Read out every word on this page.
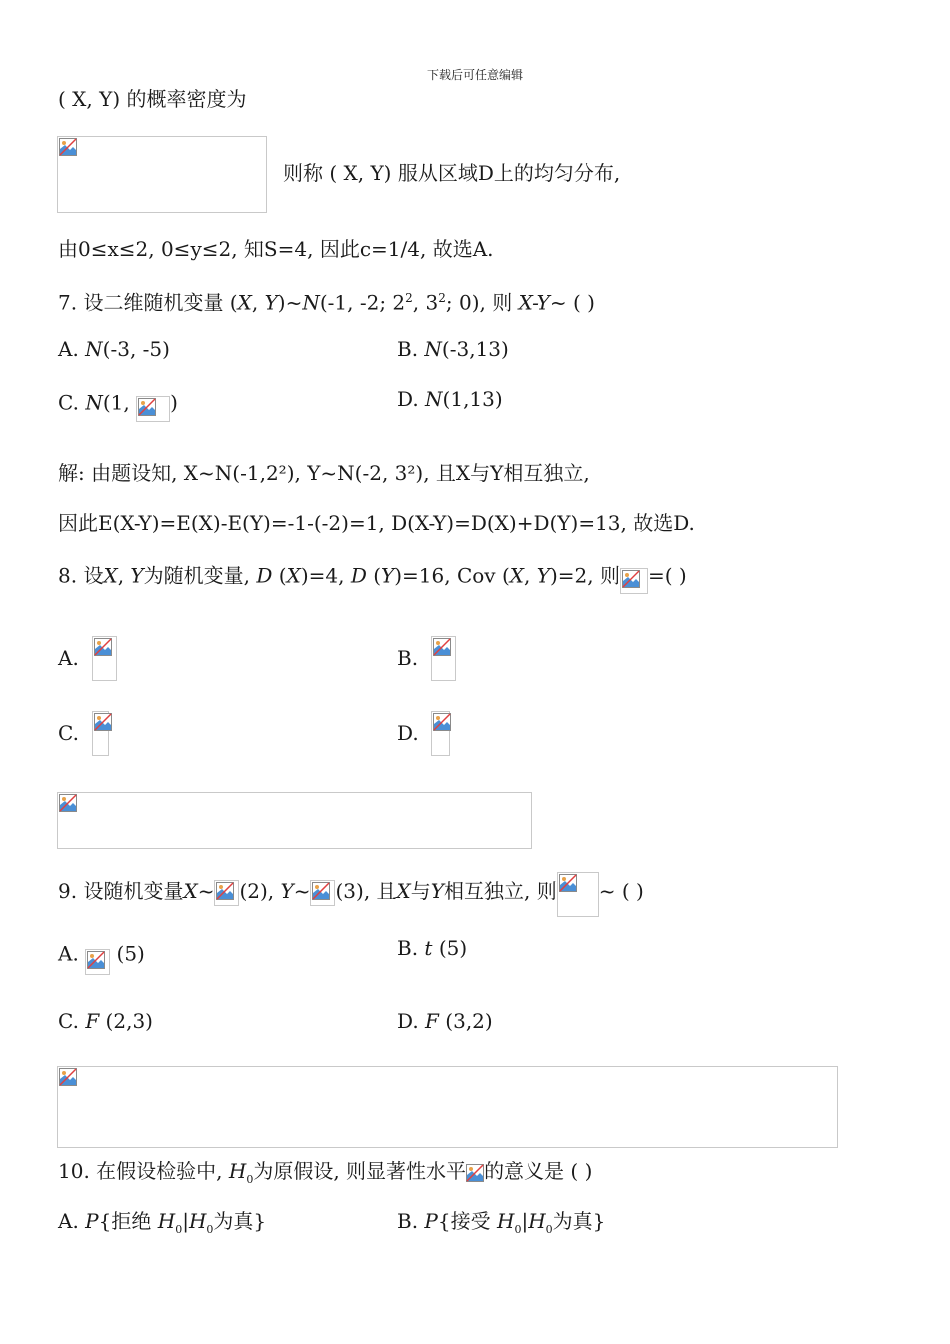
下载后可任意编辑
( X, Y) 的概率密度为
则称 ( X, Y) 服从区域D上的均匀分布,
由0≤x≤2, 0≤y≤2, 知S=4, 因此c=1/4, 故选A.
7. 设二维随机变量 (X, Y)~N(-1, -2; $2^2$, $3^2$; 0), 则 X-Y~ ( )
A. N(-3, -5)	B. N(-3,13)
C. N(1,
)	D. N(1,13)
解: 由题设知, X~N(-1,2²), Y~N(-2, 3²), 且X与Y相互独立,
因此E(X-Y)=E(X)-E(Y)=-1-(-2)=1, D(X-Y)=D(X)+D(Y)=13, 故选D.
8. 设X, Y为随机变量, D (X)=4, D (Y)=16, Cov (X, Y)=2, 则 =( )
A.	B.
C.	D.
9. 设随机变量X~ (2), Y~ (3), 且X与Y相互独立, 则 ~ ( )
A.
(5)	B. t (5)
C. F (2,3)	D. F (3,2)
10. 在假设检验中, $H_0$为原假设, 则显著性水平 的意义是 ( )
A. P{拒绝 $H_0|H_0$为真}	B. P{接受 $H_0|H_0$为真}
